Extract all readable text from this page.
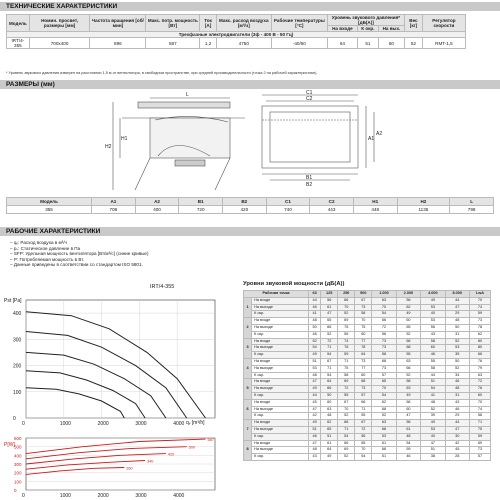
ТЕХНИЧЕСКИЕ ХАРАКТЕРИСТИКИ
Модель	Номин. просвет, размеры [мм]	Частота вращения [об/мин]	Макс. потр. мощность [Вт]	Ток [А]	Макс. расход воздуха [м³/ч]	Рабочие температуры [°C]	Уровень звукового давления* [дБ(А)]			Вес [кг]	Регулятор скорости
							На входе	К окр.	На вых.		
Трехфазные электродвигатели (3ф - 400 В - 50 Гц)											
IRT/4-355	700х400	896	587	1,2	4750	-40/50	64	51	60	52	RMT-1,5
* Уровень звукового давления измерен на расстоянии 1,5 м от вентилятора, в свободном пространстве, при средней производительности (точка 2 на рабочей характеристике).
РАЗМЕРЫ (мм)
H2
H1
L	C1
C2
B1
B2
A1
A2
Модель	A1	A2	B1	B2	C1	C2	H1	H2	L
355	708	400	720	420	740	443	448	1135	798
РАБОЧИЕ ХАРАКТЕРИСТИКИ
– qᵥ: Расход воздуха в м³/ч
– pₛ: Статическое давление в Па
– SFP: Удельная мощность вентилятора [Вт/м³/с] (синие кривые)
– P: Потребляемая мощность в Вт.
– Данные приведены в соответствии со стандартом ISO 5801.
IRT/4-355
Pst [Pa]
qᵥ [m³/h]
0	1000	2000	3000	4000
0
100
200
300
400
P[W]
587
500
420
340
260
0
100
200
300
400
500
600
0	1000	2000	3000	4000
Уровни звуковой мощности (дБ(А))
Рабочая точка		63	125	250	500	1.000	2.000	4.000	8.000	LwA
1	На входе	44	56	66	67	63	56	49	44	70
	На выходе	46	61	70	73	70	62	53	47	74
	К окр.	41	47	52	58	54	49	40	29	59
2	На входе	48	65	69	70	66	60	53	48	73
	На выходе	50	66	75	75	72	65	56	50	78
	К окр.	46	52	56	60	56	52	43	31	62
3	На входе	52	72	74	77	73	66	58	52	80
	На выходе	54	71	76	78	73	68	60	53	80
	К окр.	49	54	59	64	58	55	46	35	66
4	На входе	51	67	71	73	68	63	55	50	76
	На выходе	53	71	75	77	73	66	58	52	79
	К окр.	48	54	58	60	57	52	44	34	63
5	На входе	47	64	69	68	65	58	51	46	72
	На выходе	49	66	72	73	70	63	54	48	76
	К окр.	44	50	55	57	54	49	41	31	60
6	На входе	45	60	67	66	62	56	48	43	70
	На выходе	47	63	70	71	68	60	52	46	74
	К окр.	42	48	52	55	52	47	39	29	58
7	На входе	49	62	68	67	63	56	49	44	71
	На выходе	51	65	71	72	68	61	53	47	75
	К окр.	46	51	54	56	53	48	40	30	59
8	На входе	47	61	66	65	61	54	47	42	69
	На выходе	48	64	69	70	66	59	51	45	73
	К окр.	43	49	52	54	51	46	38	28	57
